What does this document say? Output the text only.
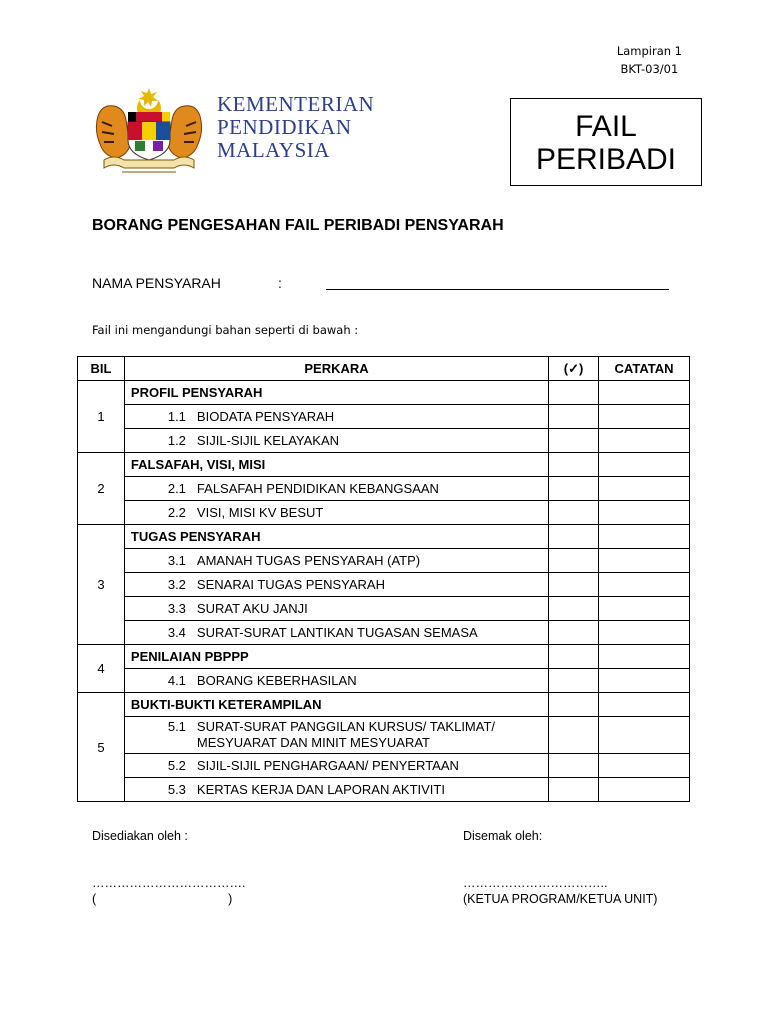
Lampiran 1
BKT-03/01
KEMENTERIAN
PENDIDIKAN
MALAYSIA
FAIL
PERIBADI
BORANG PENGESAHAN FAIL PERIBADI PENSYARAH
NAMA PENSYARAH	:
Fail ini mengandungi bahan seperti di bawah :
BIL	PERKARA	(✓)	CATATAN
1	PROFIL PENSYARAH		
	1.1 BIODATA PENSYARAH		
	1.2 SIJIL-SIJIL KELAYAKAN		
2	FALSAFAH, VISI, MISI		
	2.1 FALSAFAH PENDIDIKAN KEBANGSAAN		
	2.2 VISI, MISI KV BESUT		
3	TUGAS PENSYARAH		
	3.1 AMANAH TUGAS PENSYARAH (ATP)		
	3.2 SENARAI TUGAS PENSYARAH		
	3.3 SURAT AKU JANJI		
	3.4 SURAT-SURAT LANTIKAN TUGASAN SEMASA		
4	PENILAIAN PBPPP		
	4.1 BORANG KEBERHASILAN		
5	BUKTI-BUKTI KETERAMPILAN		
	5.1 SURAT-SURAT PANGGILAN KURSUS/ TAKLIMAT/
MESYUARAT DAN MINIT MESYUARAT		
	5.2 SIJIL-SIJIL PENGHARGAAN/ PENYERTAAN		
	5.3 KERTAS KERJA DAN LAPORAN AKTIVITI		
Disediakan oleh :	Disemak oleh:
……………………………….	……………………………..
(                                      )	(KETUA PROGRAM/KETUA UNIT)
